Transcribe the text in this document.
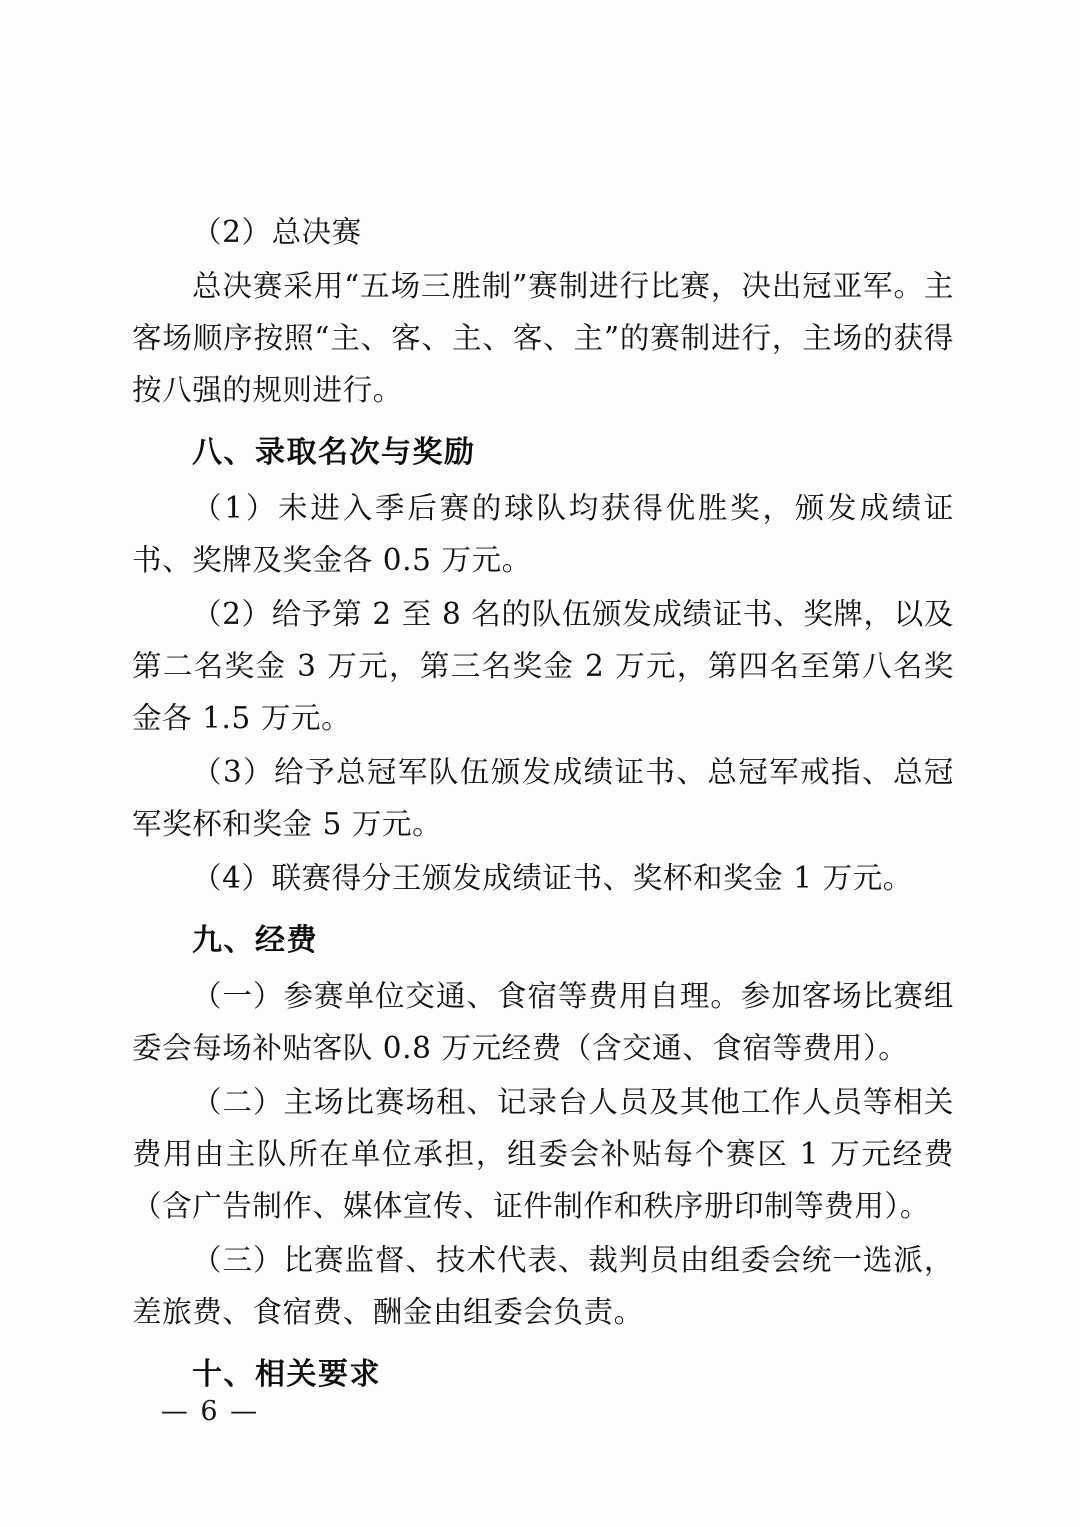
（2）总决赛

总决赛采用“五场三胜制”赛制进行比赛，决出冠亚军。主客场顺序按照“主、客、主、客、主”的赛制进行，主场的获得按八强的规则进行。

八、录取名次与奖励

（1）未进入季后赛的球队均获得优胜奖，颁发成绩证书、奖牌及奖金各 0.5 万元。

（2）给予第 2 至 8 名的队伍颁发成绩证书、奖牌，以及第二名奖金 3 万元，第三名奖金 2 万元，第四名至第八名奖金各 1.5 万元。

（3）给予总冠军队伍颁发成绩证书、总冠军戒指、总冠军奖杯和奖金 5 万元。

（4）联赛得分王颁发成绩证书、奖杯和奖金 1 万元。

九、经费

（一）参赛单位交通、食宿等费用自理。参加客场比赛组委会每场补贴客队 0.8 万元经费（含交通、食宿等费用）。

（二）主场比赛场租、记录台人员及其他工作人员等相关费用由主队所在单位承担，组委会补贴每个赛区 1 万元经费（含广告制作、媒体宣传、证件制作和秩序册印制等费用）。

（三）比赛监督、技术代表、裁判员由组委会统一选派，差旅费、食宿费、酬金由组委会负责。

十、相关要求

— 6 —
